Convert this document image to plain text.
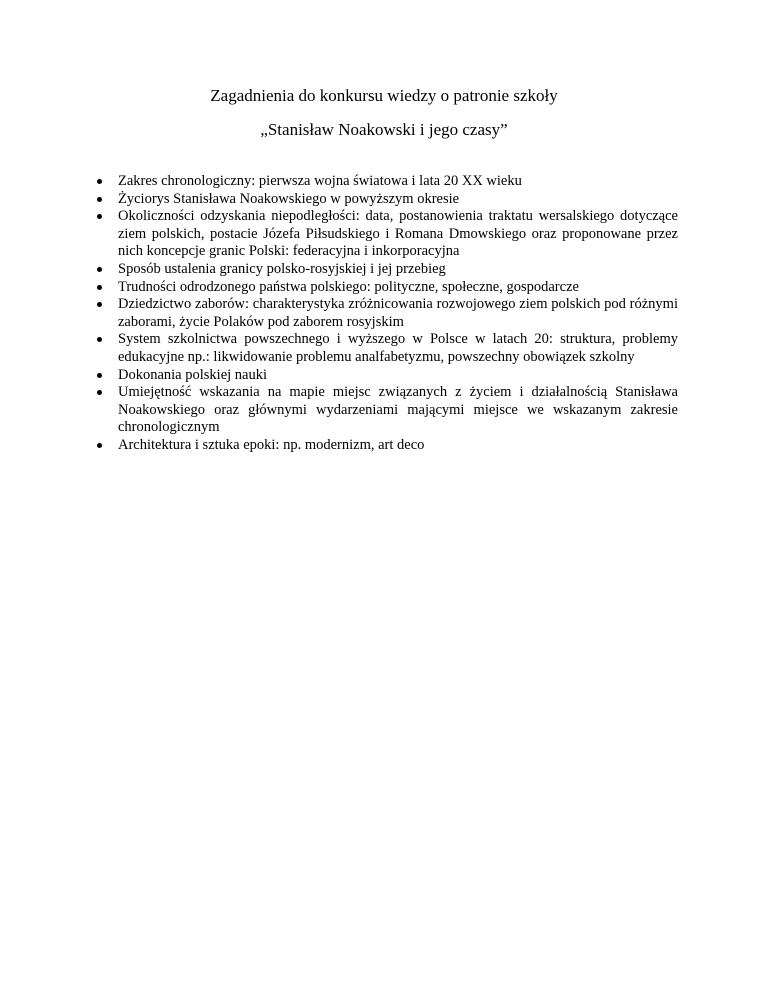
Zagadnienia do konkursu wiedzy o patronie szkoły
„Stanisław Noakowski i jego czasy”
Zakres chronologiczny: pierwsza wojna światowa i lata 20 XX wieku
Życiorys Stanisława Noakowskiego w powyższym okresie
Okoliczności odzyskania niepodległości: data, postanowienia traktatu wersalskiego dotyczące ziem polskich, postacie Józefa Piłsudskiego i Romana Dmowskiego oraz proponowane przez nich koncepcje granic Polski: federacyjna i inkorporacyjna
Sposób ustalenia granicy polsko-rosyjskiej i jej przebieg
Trudności odrodzonego państwa polskiego: polityczne, społeczne, gospodarcze
Dziedzictwo zaborów: charakterystyka zróżnicowania rozwojowego ziem polskich pod różnymi zaborami, życie Polaków pod zaborem rosyjskim
System szkolnictwa powszechnego i wyższego w Polsce w latach 20: struktura, problemy edukacyjne np.: likwidowanie problemu analfabetyzmu, powszechny obowiązek szkolny
Dokonania polskiej nauki
Umiejętność wskazania na mapie miejsc związanych z życiem i działalnością Stanisława Noakowskiego oraz głównymi wydarzeniami mającymi miejsce we wskazanym zakresie chronologicznym
Architektura i sztuka epoki: np. modernizm, art deco
